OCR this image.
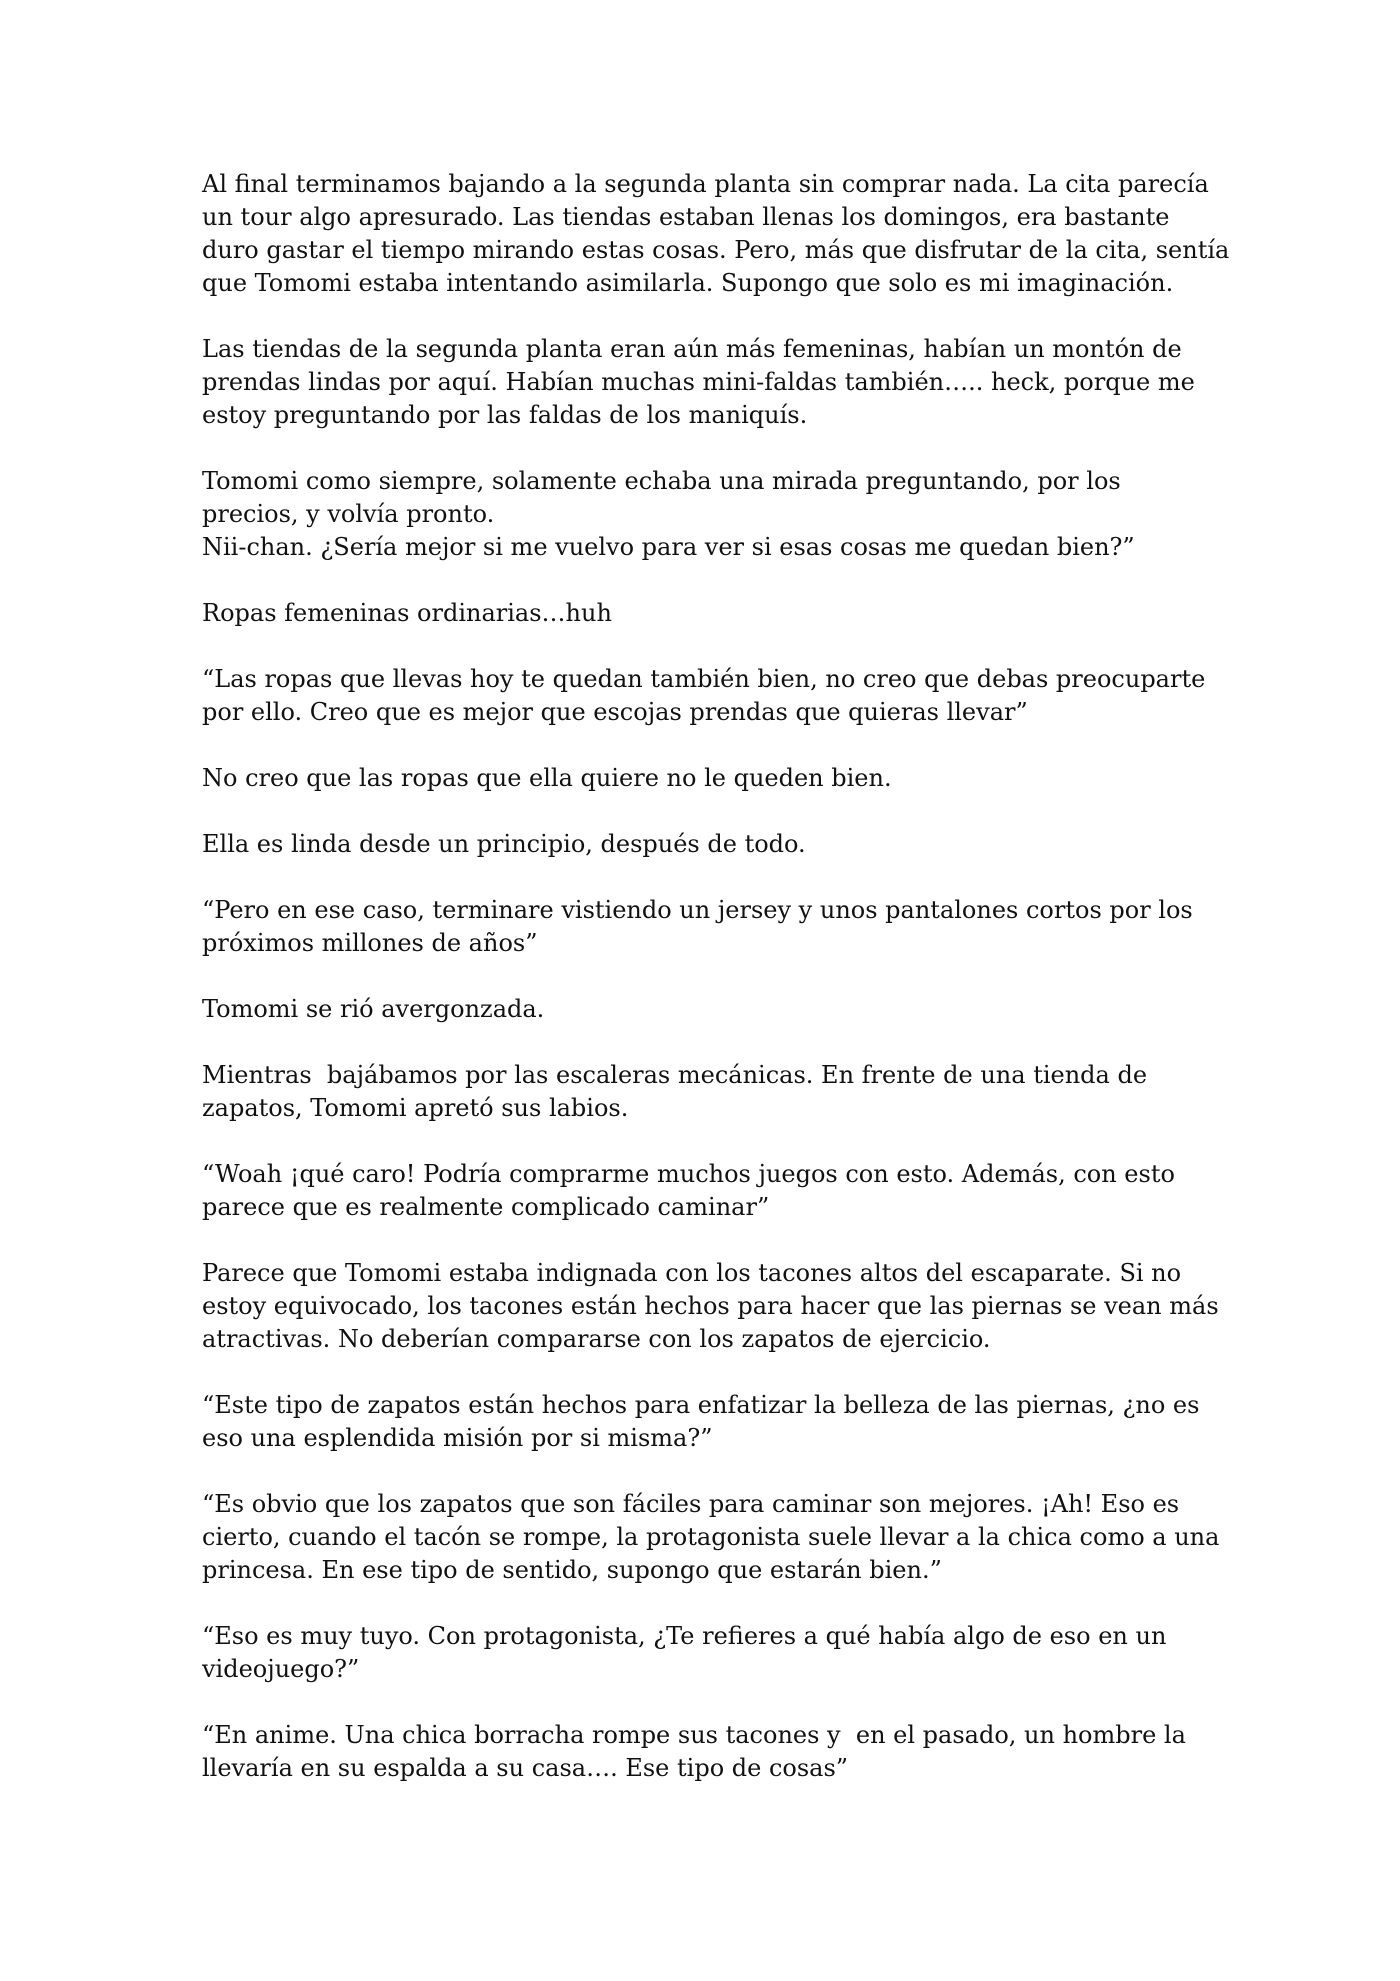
Al final terminamos bajando a la segunda planta sin comprar nada. La cita parecía
un tour algo apresurado. Las tiendas estaban llenas los domingos, era bastante
duro gastar el tiempo mirando estas cosas. Pero, más que disfrutar de la cita, sentía
que Tomomi estaba intentando asimilarla. Supongo que solo es mi imaginación.

Las tiendas de la segunda planta eran aún más femeninas, habían un montón de
prendas lindas por aquí. Habían muchas mini-faldas también….. heck, porque me
estoy preguntando por las faldas de los maniquís.

Tomomi como siempre, solamente echaba una mirada preguntando, por los
precios, y volvía pronto.
Nii-chan. ¿Sería mejor si me vuelvo para ver si esas cosas me quedan bien?”

Ropas femeninas ordinarias…huh

“Las ropas que llevas hoy te quedan también bien, no creo que debas preocuparte
por ello. Creo que es mejor que escojas prendas que quieras llevar”

No creo que las ropas que ella quiere no le queden bien.

Ella es linda desde un principio, después de todo.

“Pero en ese caso, terminare vistiendo un jersey y unos pantalones cortos por los
próximos millones de años”

Tomomi se rió avergonzada.

Mientras  bajábamos por las escaleras mecánicas. En frente de una tienda de
zapatos, Tomomi apretó sus labios.

“Woah ¡qué caro! Podría comprarme muchos juegos con esto. Además, con esto
parece que es realmente complicado caminar”

Parece que Tomomi estaba indignada con los tacones altos del escaparate. Si no
estoy equivocado, los tacones están hechos para hacer que las piernas se vean más
atractivas. No deberían compararse con los zapatos de ejercicio.

“Este tipo de zapatos están hechos para enfatizar la belleza de las piernas, ¿no es
eso una esplendida misión por si misma?”

“Es obvio que los zapatos que son fáciles para caminar son mejores. ¡Ah! Eso es
cierto, cuando el tacón se rompe, la protagonista suele llevar a la chica como a una
princesa. En ese tipo de sentido, supongo que estarán bien.”

“Eso es muy tuyo. Con protagonista, ¿Te refieres a qué había algo de eso en un
videojuego?”

“En anime. Una chica borracha rompe sus tacones y  en el pasado, un hombre la
llevaría en su espalda a su casa…. Ese tipo de cosas”
